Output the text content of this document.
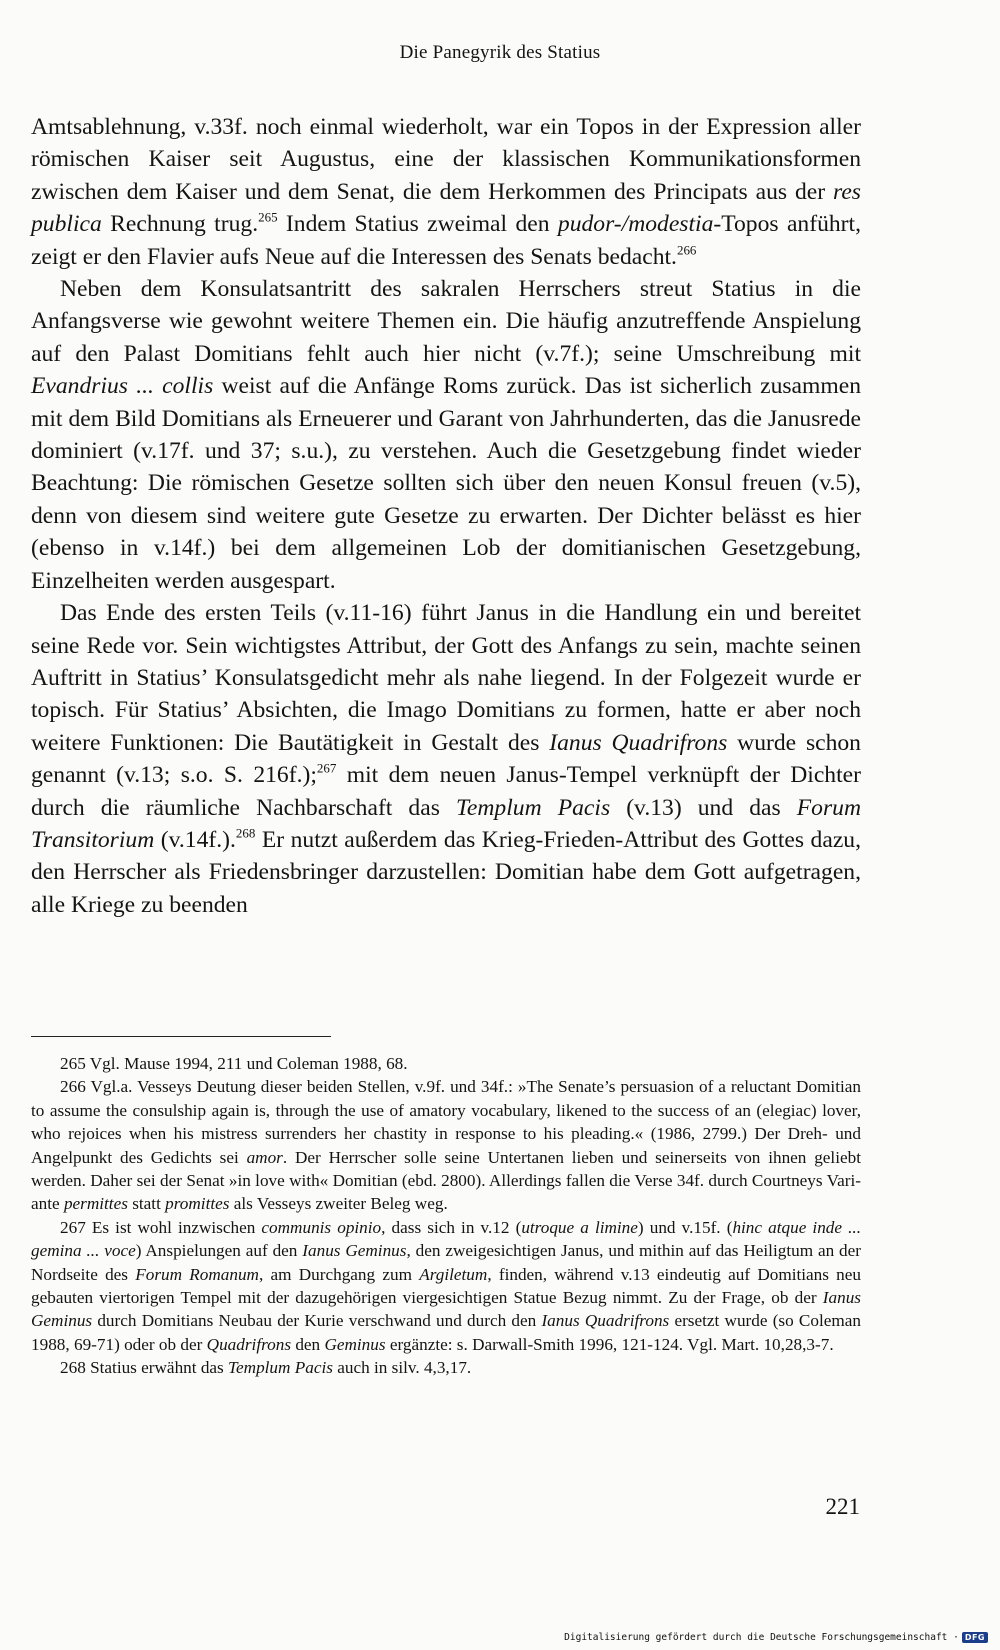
Die Panegyrik des Statius

Amtsablehnung, v.33f. noch einmal wiederholt, war ein Topos in der Expression aller römischen Kaiser seit Augustus, eine der klassischen Kommunikationsformen zwischen dem Kaiser und dem Senat, die dem Herkommen des Principats aus der res publica Rechnung trug.$^{265}$ Indem Statius zweimal den pudor-/modestia-Topos anführt, zeigt er den Flavier aufs Neue auf die Interessen des Senats bedacht.$^{266}$

Neben dem Konsulatsantritt des sakralen Herrschers streut Statius in die Anfangsverse wie gewohnt weitere Themen ein. Die häufig anzutreffende Anspielung auf den Palast Domitians fehlt auch hier nicht (v.7f.); seine Umschreibung mit Evandrius ... collis weist auf die Anfänge Roms zurück. Das ist sicherlich zusammen mit dem Bild Domitians als Erneuerer und Garant von Jahrhunderten, das die Janusrede dominiert (v.17f. und 37; s.u.), zu verstehen. Auch die Gesetzgebung findet wieder Beachtung: Die römischen Gesetze sollten sich über den neuen Konsul freuen (v.5), denn von diesem sind weitere gute Gesetze zu erwarten. Der Dichter belässt es hier (ebenso in v.14f.) bei dem allgemeinen Lob der domitianischen Gesetzgebung, Einzelheiten werden ausgespart.

Das Ende des ersten Teils (v.11-16) führt Janus in die Handlung ein und bereitet seine Rede vor. Sein wichtigstes Attribut, der Gott des Anfangs zu sein, machte seinen Auftritt in Statius’ Konsulatsgedicht mehr als nahe liegend. In der Folgezeit wurde er topisch. Für Statius’ Absichten, die Imago Domitians zu formen, hatte er aber noch weitere Funktionen: Die Bautätigkeit in Gestalt des Ianus Quadrifrons wurde schon genannt (v.13; s.o. S. 216f.);$^{267}$ mit dem neuen Janus-Tempel verknüpft der Dichter durch die räumliche Nachbarschaft das Templum Pacis (v.13) und das Forum Transitorium (v.14f.).$^{268}$ Er nutzt außerdem das Krieg-Frieden-Attribut des Gottes dazu, den Herrscher als Friedensbringer darzustellen: Domitian habe dem Gott aufgetragen, alle Kriege zu beenden

265 Vgl. Mause 1994, 211 und Coleman 1988, 68.

266 Vgl.a. Vesseys Deutung dieser beiden Stellen, v.9f. und 34f.: »The Senate’s persuasion of a reluctant Domitian to assume the consulship again is, through the use of amatory vocabulary, likened to the success of an (elegiac) lover, who rejoices when his mistress surrenders her chastity in response to his pleading.« (1986, 2799.) Der Dreh- und Angelpunkt des Gedichts sei amor. Der Herrscher solle seine Untertanen lieben und seinerseits von ihnen geliebt werden. Daher sei der Senat »in love with« Domitian (ebd. 2800). Allerdings fallen die Verse 34f. durch Courtneys Variante permittes statt promittes als Vesseys zweiter Beleg weg.

267 Es ist wohl inzwischen communis opinio, dass sich in v.12 (utroque a limine) und v.15f. (hinc atque inde ... gemina ... voce) Anspielungen auf den Ianus Geminus, den zweigesichtigen Janus, und mithin auf das Heiligtum an der Nordseite des Forum Romanum, am Durchgang zum Argiletum, finden, während v.13 eindeutig auf Domitians neu gebauten viertorigen Tempel mit der dazugehörigen viergesichtigen Statue Bezug nimmt. Zu der Frage, ob der Ianus Geminus durch Domitians Neubau der Kurie verschwand und durch den Ianus Quadrifrons ersetzt wurde (so Coleman 1988, 69-71) oder ob der Quadrifrons den Geminus ergänzte: s. Darwall-Smith 1996, 121-124. Vgl. Mart. 10,28,3-7.

268 Statius erwähnt das Templum Pacis auch in silv. 4,3,17.

221
Digitalisierung gefördert durch die Deutsche Forschungsgemeinschaft · DFG
